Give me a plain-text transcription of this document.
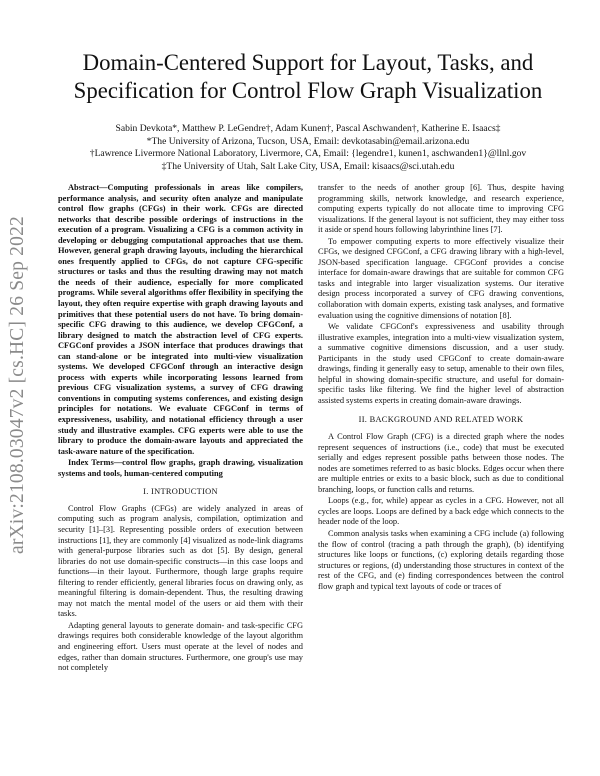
arXiv:2108.03047v2 [cs.HC] 26 Sep 2022
Domain-Centered Support for Layout, Tasks, and
Specification for Control Flow Graph Visualization
Sabin Devkota*, Matthew P. LeGendre†, Adam Kunen†, Pascal Aschwanden†, Katherine E. Isaacs‡
*The University of Arizona, Tucson, USA, Email: devkotasabin@email.arizona.edu
†Lawrence Livermore National Laboratory, Livermore, CA, Email: {legendre1, kunen1, aschwanden1}@llnl.gov
‡The University of Utah, Salt Lake City, USA, Email: kisaacs@sci.utah.edu

Abstract—Computing professionals in areas like compilers, performance analysis, and security often analyze and manipulate control flow graphs (CFGs) in their work. CFGs are directed networks that describe possible orderings of instructions in the execution of a program. Visualizing a CFG is a common activity in developing or debugging computational approaches that use them. However, general graph drawing layouts, including the hierarchical ones frequently applied to CFGs, do not capture CFG-specific structures or tasks and thus the resulting drawing may not match the needs of their audience, especially for more complicated programs. While several algorithms offer flexibility in specifying the layout, they often require expertise with graph drawing layouts and primitives that these potential users do not have. To bring domain-specific CFG drawing to this audience, we develop CFGConf, a library designed to match the abstraction level of CFG experts. CFGConf provides a JSON interface that produces drawings that can stand-alone or be integrated into multi-view visualization systems. We developed CFGConf through an interactive design process with experts while incorporating lessons learned from previous CFG visualization systems, a survey of CFG drawing conventions in computing systems conferences, and existing design principles for notations. We evaluate CFGConf in terms of expressiveness, usability, and notational efficiency through a user study and illustrative examples. CFG experts were able to use the library to produce the domain-aware layouts and appreciated the task-aware nature of the specification.

Index Terms—control flow graphs, graph drawing, visualization systems and tools, human-centered computing

I. INTRODUCTION

Control Flow Graphs (CFGs) are widely analyzed in areas of computing such as program analysis, compilation, optimization and security [1]–[3]. Representing possible orders of execution between instructions [1], they are commonly [4] visualized as node-link diagrams with general-purpose libraries such as dot [5]. By design, general libraries do not use domain-specific constructs—in this case loops and functions—in their layout. Furthermore, though large graphs require filtering to render efficiently, general libraries focus on drawing only, as meaningful filtering is domain-dependent. Thus, the resulting drawing may not match the mental model of the users or aid them with their tasks.

Adapting general layouts to generate domain- and task-specific CFG drawings requires both considerable knowledge of the layout algorithm and engineering effort. Users must operate at the level of nodes and edges, rather than domain structures. Furthermore, one group's use may not completely

transfer to the needs of another group [6]. Thus, despite having programming skills, network knowledge, and research experience, computing experts typically do not allocate time to improving CFG visualizations. If the general layout is not sufficient, they may either toss it aside or spend hours following labyrinthine lines [7].

To empower computing experts to more effectively visualize their CFGs, we designed CFGConf, a CFG drawing library with a high-level, JSON-based specification language. CFGConf provides a concise interface for domain-aware drawings that are suitable for common CFG tasks and integrable into larger visualization systems. Our iterative design process incorporated a survey of CFG drawing conventions, collaboration with domain experts, existing task analyses, and formative evaluation using the cognitive dimensions of notation [8].

We validate CFGConf's expressiveness and usability through illustrative examples, integration into a multi-view visualization system, a summative cognitive dimensions discussion, and a user study. Participants in the study used CFGConf to create domain-aware drawings, finding it generally easy to setup, amenable to their own files, helpful in showing domain-specific structure, and useful for domain-specific tasks like filtering. We find the higher level of abstraction assisted systems experts in creating domain-aware drawings.

II. BACKGROUND AND RELATED WORK

A Control Flow Graph (CFG) is a directed graph where the nodes represent sequences of instructions (i.e., code) that must be executed serially and edges represent possible paths between those nodes. The nodes are sometimes referred to as basic blocks. Edges occur when there are multiple entries or exits to a basic block, such as due to conditional branching, loops, or function calls and returns.

Loops (e.g., for, while) appear as cycles in a CFG. However, not all cycles are loops. Loops are defined by a back edge which connects to the header node of the loop.

Common analysis tasks when examining a CFG include (a) following the flow of control (tracing a path through the graph), (b) identifying structures like loops or functions, (c) exploring details regarding those structures or regions, (d) understanding those structures in context of the rest of the CFG, and (e) finding correspondences between the control flow graph and typical text layouts of code or traces of
